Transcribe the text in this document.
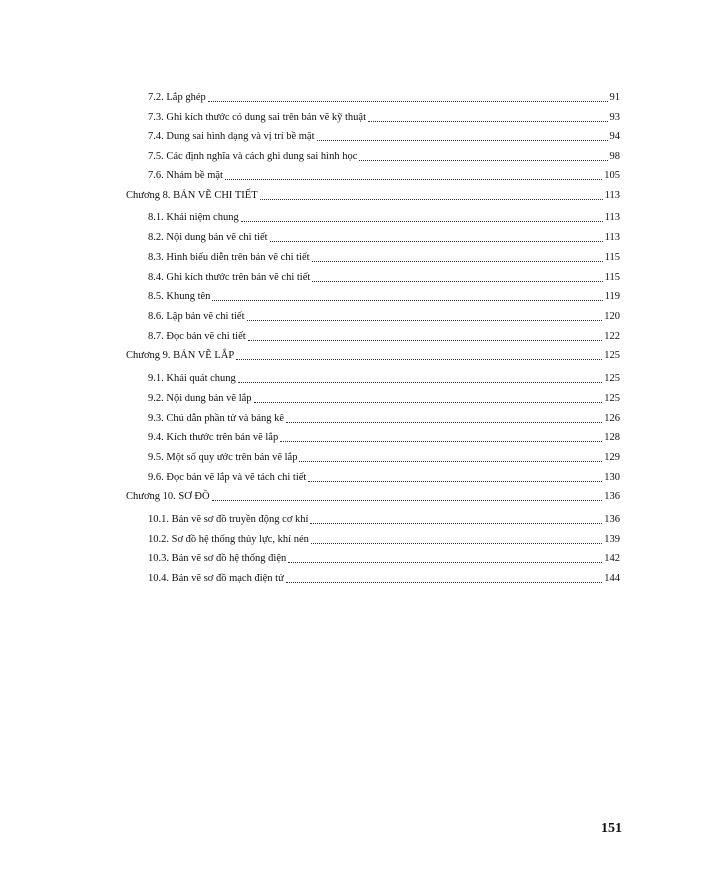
7.2. Lắp ghép	91
7.3. Ghi kích thước có dung sai trên bản vẽ kỹ thuật	93
7.4. Dung sai hình dạng và vị trí bề mặt	94
7.5. Các định nghĩa và cách ghi dung sai hình học	98
7.6. Nhám bề mặt	105
Chương 8. BẢN VẼ CHI TIẾT	113
8.1. Khái niệm chung	113
8.2. Nội dung bản vẽ chi tiết	113
8.3. Hình biểu diễn trên bản vẽ chi tiết	115
8.4. Ghi kích thước trên bản vẽ chi tiết	115
8.5. Khung tên	119
8.6. Lập bản vẽ chi tiết	120
8.7. Đọc bản vẽ chi tiết	122
Chương 9. BẢN VẼ LẮP	125
9.1. Khái quát chung	125
9.2. Nội dung bản vẽ lắp	125
9.3. Chú dẫn phần tử và bảng kê	126
9.4. Kích thước trên bản vẽ lắp	128
9.5. Một số quy ước trên bản vẽ lắp	129
9.6. Đọc bản vẽ lắp và vẽ tách chi tiết	130
Chương 10. SƠ ĐỒ	136
10.1. Bản vẽ sơ đồ truyền động cơ khí	136
10.2. Sơ đồ hệ thống thủy lực, khí nén	139
10.3. Bản vẽ sơ đồ hệ thống điện	142
10.4. Bản vẽ sơ đồ mạch điện tử	144
151
